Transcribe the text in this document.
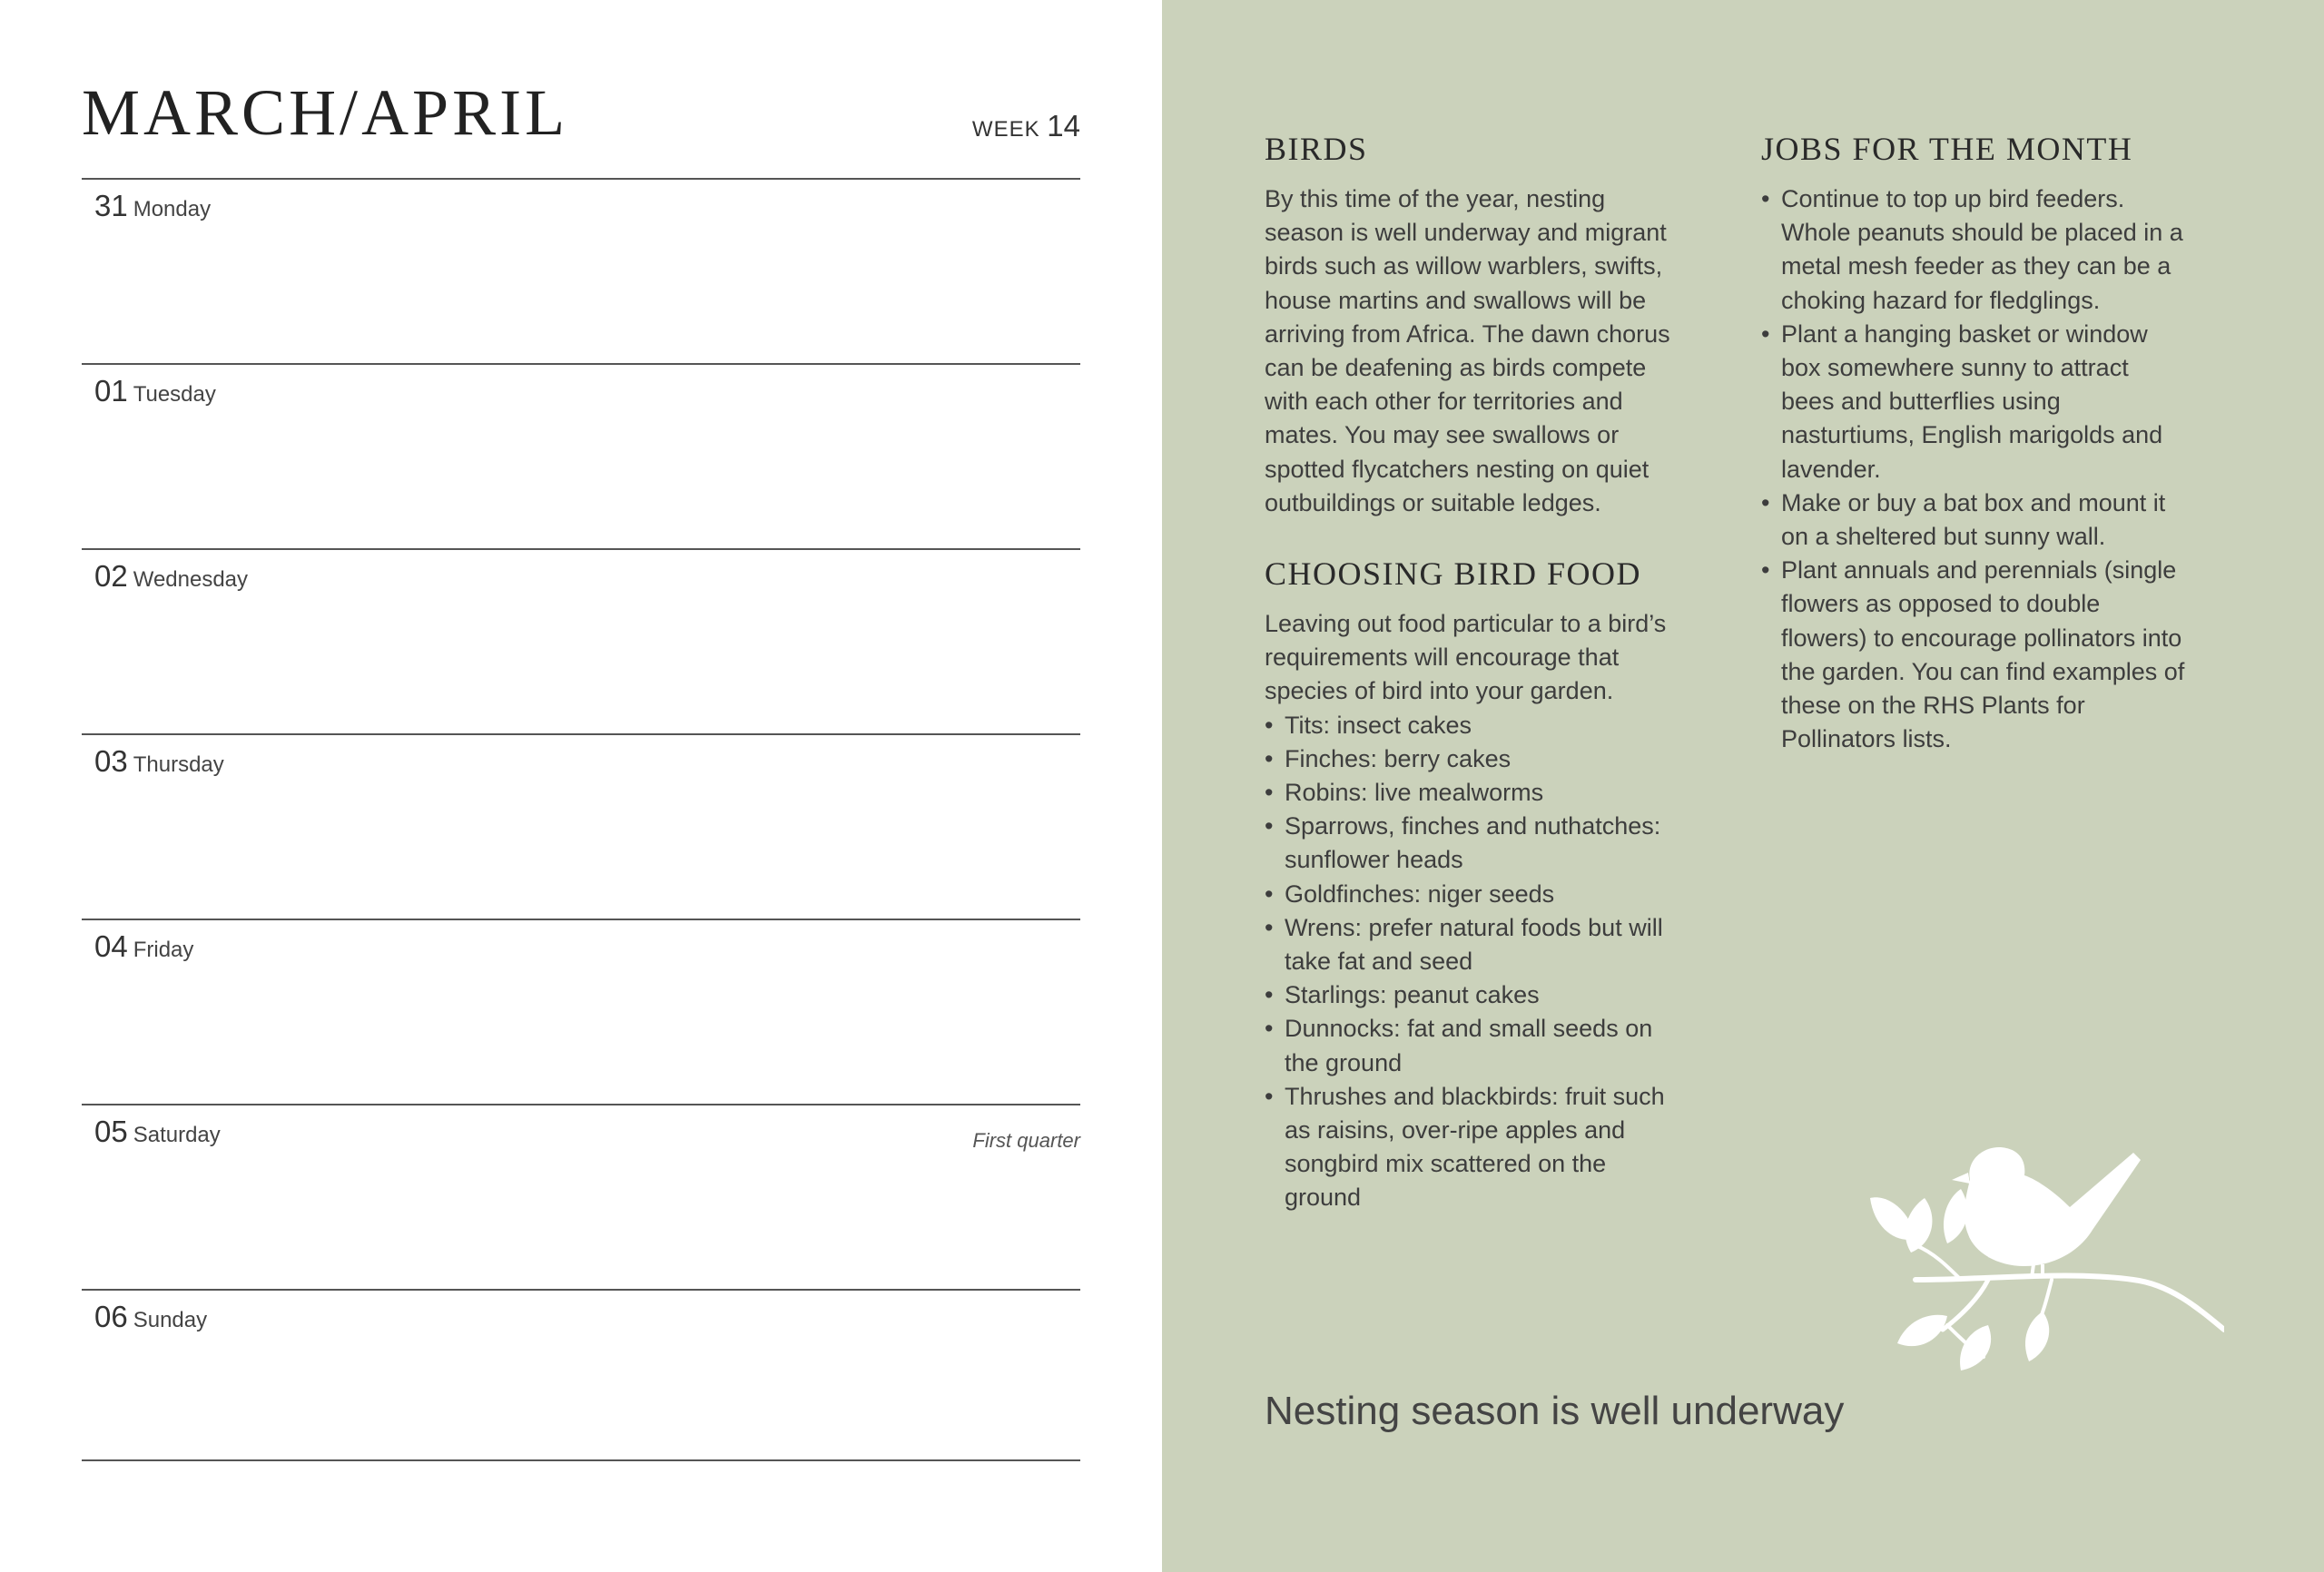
MARCH/APRIL	WEEK 14
31 Monday
01 Tuesday
02 Wednesday
03 Thursday
04 Friday
05 Saturday	First quarter
06 Sunday
BIRDS

By this time of the year, nesting season is well underway and migrant birds such as willow warblers, swifts, house martins and swallows will be arriving from Africa. The dawn chorus can be deafening as birds compete with each other for territories and mates. You may see swallows or spotted flycatchers nesting on quiet outbuildings or suitable ledges.

CHOOSING BIRD FOOD

Leaving out food particular to a bird’s requirements will encourage that species of bird into your garden.

• Tits: insect cakes
• Finches: berry cakes
• Robins: live mealworms
• Sparrows, finches and nuthatches: sunflower heads
• Goldfinches: niger seeds
• Wrens: prefer natural foods but will take fat and seed
• Starlings: peanut cakes
• Dunnocks: fat and small seeds on the ground
• Thrushes and blackbirds: fruit such as raisins, over-ripe apples and songbird mix scattered on the ground
JOBS FOR THE MONTH
• Continue to top up bird feeders. Whole peanuts should be placed in a metal mesh feeder as they can be a choking hazard for fledglings.
• Plant a hanging basket or window box somewhere sunny to attract bees and butterflies using nasturtiums, English marigolds and lavender.
• Make or buy a bat box and mount it on a sheltered but sunny wall.
• Plant annuals and perennials (single flowers as opposed to double flowers) to encourage pollinators into the garden. You can find examples of these on the RHS Plants for Pollinators lists.

Nesting season is well underway
